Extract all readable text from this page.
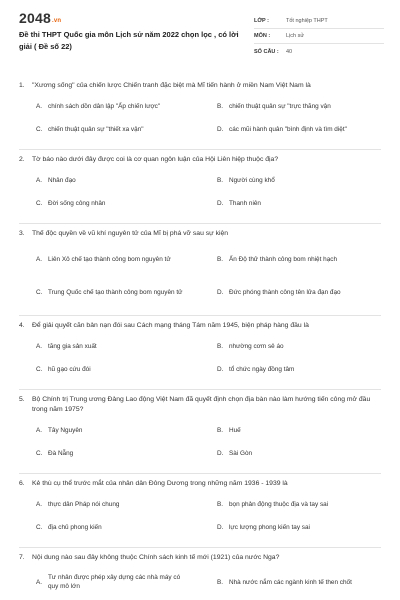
2048.vn
Đề thi THPT Quốc gia môn Lịch sử năm 2022 chọn lọc , có lời giải ( Đề số 22)
LỚP :	Tốt nghiệp THPT
MÔN :	Lịch sử
SỐ CÂU :	40
1.	"Xương sống" của chiến lược Chiến tranh đặc biệt mà Mĩ tiến hành ở miền Nam Việt Nam là
A. chính sách dồn dân lập "Ấp chiến lược"	B. chiến thuật quân sự "trực thăng vận
C. chiến thuật quân sự "thiết xa vận"	D. các mũi hành quân "bình định và tìm diệt"
2.	Tờ báo nào dưới đây được coi là cơ quan ngôn luận của Hội Liên hiệp thuộc địa?
A. Nhân đạo	B. Người cùng khổ
C. Đời sống công nhân	D. Thanh niên
3.	Thế độc quyền về vũ khí nguyên tử của Mĩ bị phá vỡ sau sự kiện
A. Liên Xô chế tạo thành công bom nguyên tử	B. Ấn Độ thử thành công bom nhiệt hạch
C. Trung Quốc chế tạo thành công bom nguyên tử	D. Đức phóng thành công tên lửa đạn đạo
4.	Để giải quyết căn bản nạn đói sau Cách mạng tháng Tám năm 1945, biện pháp hàng đầu là
A. tăng gia sản xuất	B. nhường cơm sẻ áo
C. hũ gạo cứu đói	D. tổ chức ngày đồng tâm
5.	Bộ Chính trị Trung ương Đảng Lao động Việt Nam đã quyết định chọn địa bàn nào làm hướng tiến công mở đầu trong năm 1975?
A. Tây Nguyên	B. Huế
C. Đà Nẵng	D. Sài Gòn
6.	Kẻ thù cụ thể trước mắt của nhân dân Đông Dương trong những năm 1936 - 1939 là
A. thực dân Pháp nói chung	B. bọn phản động thuộc địa và tay sai
C. địa chủ phong kiến	D. lực lượng phong kiến tay sai
7.	Nội dung nào sau đây không thuộc Chính sách kinh tế mới (1921) của nước Nga?
A.
Tư nhân được phép xây dựng các nhà máy có quy mô lớn
B. Nhà nước nắm các ngành kinh tế then chốt
